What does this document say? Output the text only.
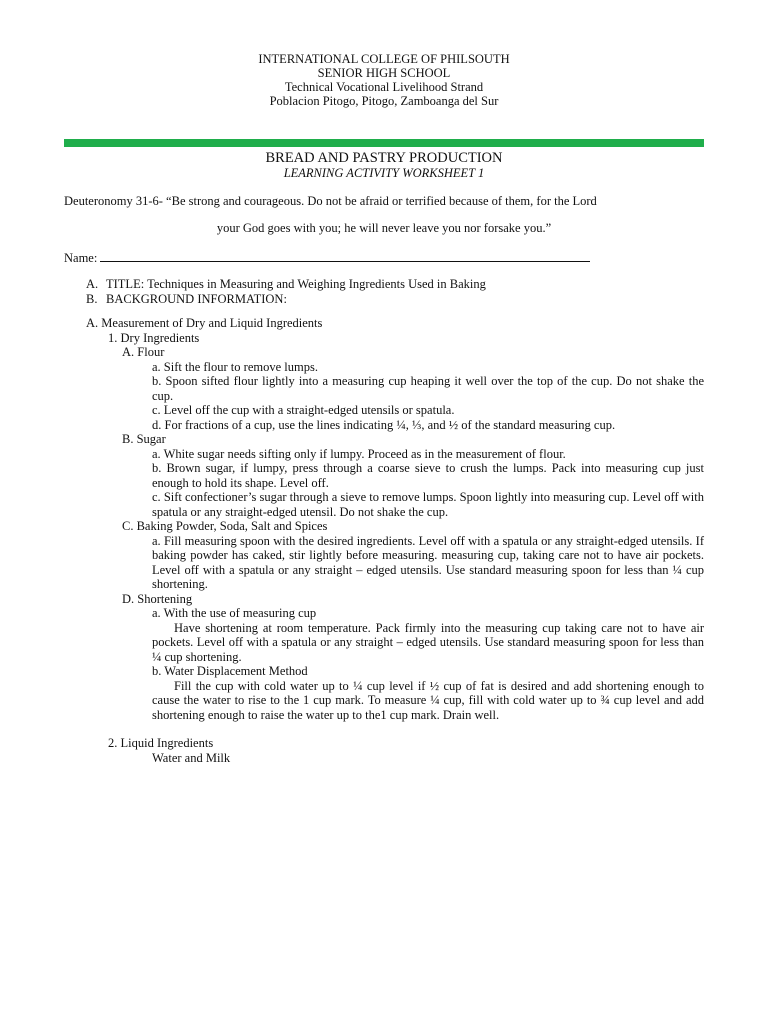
INTERNATIONAL COLLEGE OF PHILSOUTH
SENIOR HIGH SCHOOL
Technical Vocational Livelihood Strand
Poblacion Pitogo, Pitogo, Zamboanga del Sur
BREAD AND PASTRY PRODUCTION
LEARNING ACTIVITY WORKSHEET 1
Deuteronomy 31-6- “Be strong and courageous. Do not be afraid or terrified because of them, for the Lord
your God goes with you; he will never leave you nor forsake you.”
Name:
A. TITLE: Techniques in Measuring and Weighing Ingredients Used in Baking
B. BACKGROUND INFORMATION:
A. Measurement of Dry and Liquid Ingredients
1. Dry Ingredients
A. Flour
a. Sift the flour to remove lumps.
b. Spoon sifted flour lightly into a measuring cup heaping it well over the top of the cup. Do not shake the cup.
c. Level off the cup with a straight-edged utensils or spatula.
d. For fractions of a cup, use the lines indicating ¼, ⅓, and ½ of the standard measuring cup.
B. Sugar
a. White sugar needs sifting only if lumpy. Proceed as in the measurement of flour.
b. Brown sugar, if lumpy, press through a coarse sieve to crush the lumps. Pack into measuring cup just enough to hold its shape. Level off.
c. Sift confectioner’s sugar through a sieve to remove lumps. Spoon lightly into measuring cup. Level off with spatula or any straight-edged utensil. Do not shake the cup.
C. Baking Powder, Soda, Salt and Spices
a. Fill measuring spoon with the desired ingredients. Level off with a spatula or any straight-edged utensils. If baking powder has caked, stir lightly before measuring. measuring cup, taking care not to have air pockets. Level off with a spatula or any straight – edged utensils. Use standard measuring spoon for less than ¼ cup shortening.
D. Shortening
a. With the use of measuring cup
Have shortening at room temperature. Pack firmly into the measuring cup taking care not to have air pockets. Level off with a spatula or any straight – edged utensils. Use standard measuring spoon for less than ¼ cup shortening.
b. Water Displacement Method
Fill the cup with cold water up to ¼ cup level if ½ cup of fat is desired and add shortening enough to cause the water to rise to the 1 cup mark. To measure ¼ cup, fill with cold water up to ¾ cup level and add shortening enough to raise the water up to the1 cup mark. Drain well.
2. Liquid Ingredients
Water and Milk
